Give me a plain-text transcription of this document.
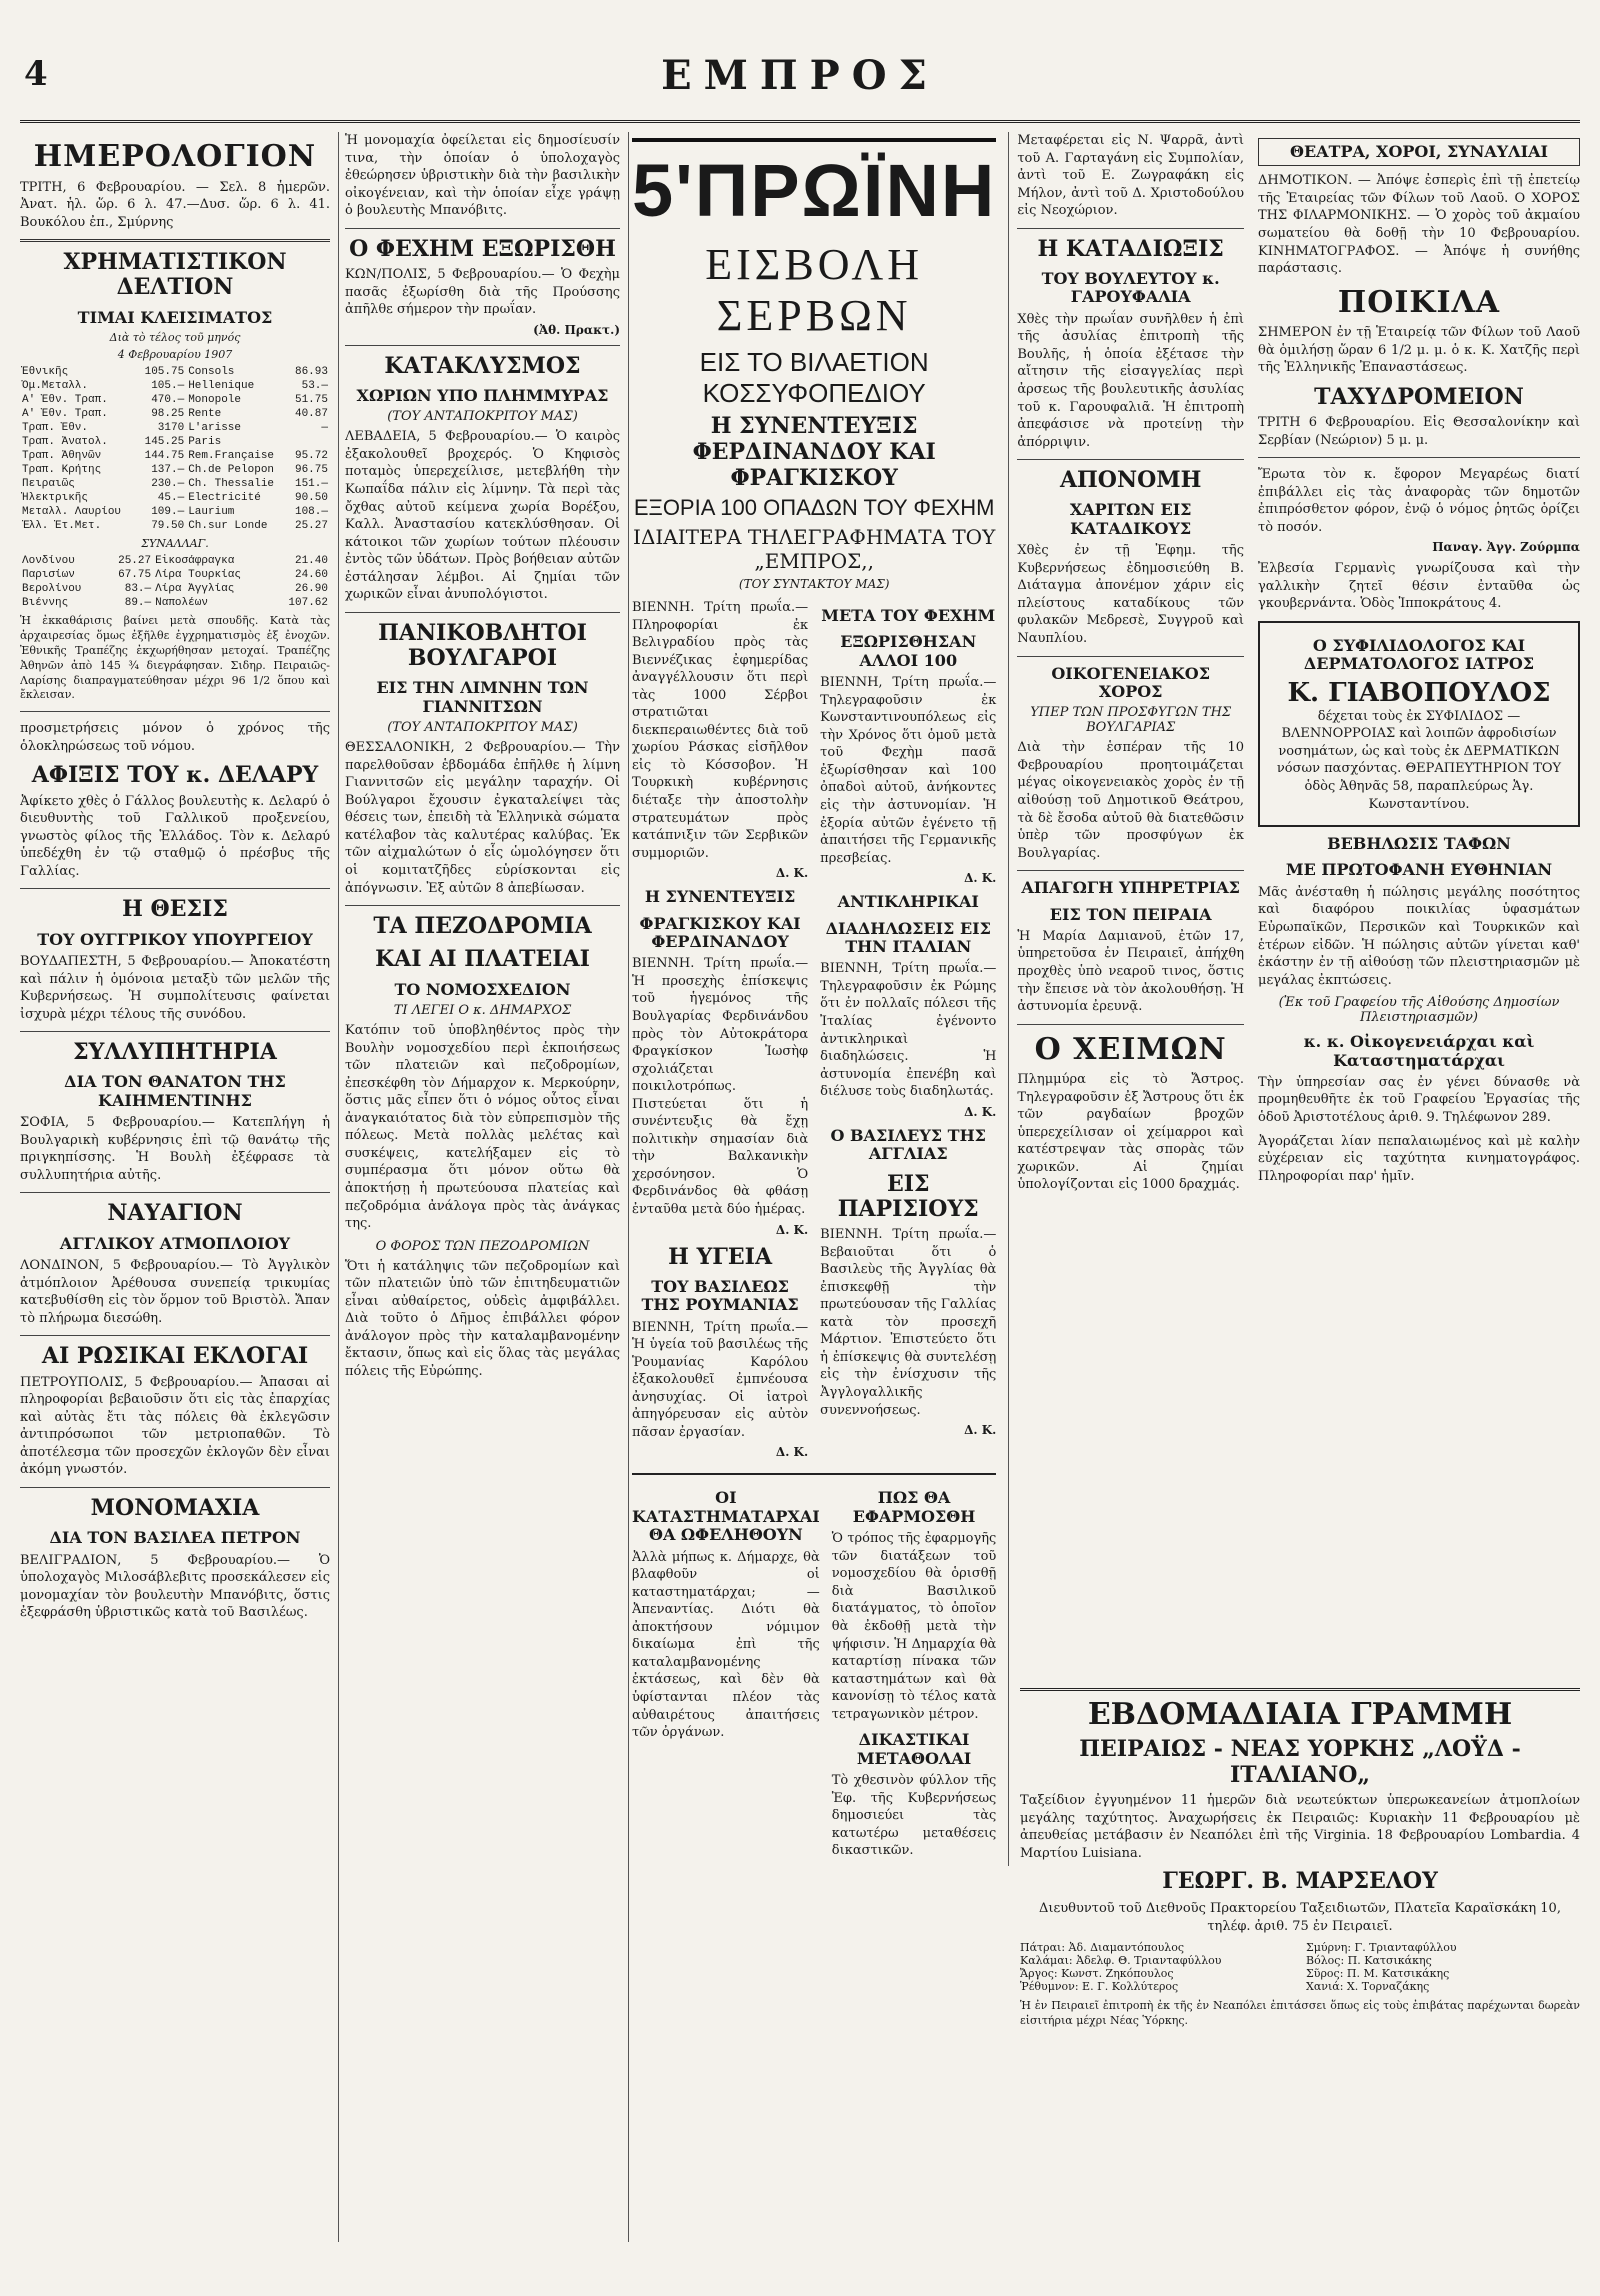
4	ΕΜΠΡΟΣ
ΗΜΕΡΟΛΟΓΙΟΝ

ΤΡΙΤΗ, 6 Φεβρουαρίου. — Σελ. 8 ἡμερῶν. Ἀνατ. ἡλ. ὥρ. 6 λ. 47.—Δυσ. ὥρ. 6 λ. 41. Βουκόλου ἐπ., Σμύρνης

ΧΡΗΜΑΤΙΣΤΙΚΟΝ ΔΕΛΤΙΟΝ
ΤΙΜΑΙ ΚΛΕΙΣΙΜΑΤΟΣ
Διὰ τὸ τέλος τοῦ μηνός
4 Φεβρουαρίου 1907
Ἐθνικῆς	105.75	Consols	86.93
Ὁμ.Μεταλλ.	105.—	Hellenique	53.—
Α' Ἐθν. Τραπ.	470.—	Monopole	51.75
Α' Ἐθν. Τραπ.	98.25	Rente	40.87
Τραπ. Ἐθν.	3170	L'arisse	—
Τραπ. Ἀνατολ.	145.25	Paris	
Τραπ. Ἀθηνῶν	144.75	Rem.Française	95.72
Τραπ. Κρήτης	137.—	Ch.de Pelopon	96.75
Πειραιῶς	230.—	Ch. Thessalie	151.—
Ἠλεκτρικῆς	45.—	Electricité	90.50
Μεταλλ. Λαυρίου	109.—	Laurium	108.—
Ἑλλ. Ἐτ.Μετ.	79.50	Ch.sur Londe	25.27
ΣΥΝΑΛΛΑΓ.
Λονδίνου	25.27	Εἰκοσάφραγκα	21.40
Παρισίων	67.75	Λίρα Τουρκίας	24.60
Βερολίνου	83.—	Λίρα Ἀγγλίας	26.90
Βιέννης	89.—	Ναπολέων	107.62

Ἡ ἐκκαθάρισις βαίνει μετὰ σπουδῆς. Κατὰ τὰς ἀρχαιρεσίας ὅμως ἐξῆλθε ἐγχρηματισμὸς ἐξ ἐνοχῶν. Ἐθνικῆς Τραπέζης ἐκχωρήθησαν μετοχαί. Τραπέζης Ἀθηνῶν ἀπὸ 145 ¾ διεγράφησαν. Σιδηρ. Πειραιῶς-Λαρίσης διαπραγματεύθησαν μέχρι 96 1/2 ὅπου καὶ ἔκλεισαν.

προσμετρήσεις μόνον ὁ χρόνος τῆς ὁλοκληρώσεως τοῦ νόμου.

ΑΦΙΞΙΣ ΤΟΥ κ. ΔΕΛΑΡΥ

Ἀφίκετο χθὲς ὁ Γάλλος βουλευτὴς κ. Δελαρύ ὁ διευθυντὴς τοῦ Γαλλικοῦ προξενείου, γνωστὸς φίλος τῆς Ἑλλάδος. Τὸν κ. Δελαρύ ὑπεδέχθη ἐν τῷ σταθμῷ ὁ πρέσβυς τῆς Γαλλίας.

Η ΘΕΣΙΣ
ΤΟΥ ΟΥΓΓΡΙΚΟΥ ΥΠΟΥΡΓΕΙΟΥ

ΒΟΥΔΑΠΕΣΤΗ, 5 Φεβρουαρίου.— Ἀποκατέστη καὶ πάλιν ἡ ὁμόνοια μεταξὺ τῶν μελῶν τῆς Κυβερνήσεως. Ἡ συμπολίτευσις φαίνεται ἰσχυρὰ μέχρι τέλους τῆς συνόδου.

ΣΥΛΛΥΠΗΤΗΡΙΑ
ΔΙΑ ΤΟΝ ΘΑΝΑΤΟΝ ΤΗΣ ΚΑΙΗΜΕΝΤΙΝΗΣ

ΣΟΦΙΑ, 5 Φεβρουαρίου.— Κατεπλήγη ἡ Βουλγαρικὴ κυβέρνησις ἐπὶ τῷ θανάτῳ τῆς πριγκηπίσσης. Ἡ Βουλὴ ἐξέφρασε τὰ συλλυπητήρια αὐτῆς.

ΝΑΥΑΓΙΟΝ
ΑΓΓΛΙΚΟΥ ΑΤΜΟΠΛΟΙΟΥ

ΛΟΝΔΙΝΟΝ, 5 Φεβρουαρίου.— Τὸ Ἀγγλικὸν ἀτμόπλοιον Ἀρέθουσα συνεπείᾳ τρικυμίας κατεβυθίσθη εἰς τὸν ὅρμον τοῦ Βριστὸλ. Ἄπαν τὸ πλήρωμα διεσώθη.

ΑΙ ΡΩΣΙΚΑΙ ΕΚΛΟΓΑΙ

ΠΕΤΡΟΥΠΟΛΙΣ, 5 Φεβρουαρίου.— Ἀπασαι αἱ πληροφορίαι βεβαιοῦσιν ὅτι εἰς τὰς ἐπαρχίας καὶ αὐτὰς ἔτι τὰς πόλεις θὰ ἐκλεγῶσιν ἀντιπρόσωποι τῶν μετριοπαθῶν. Τὸ ἀποτέλεσμα τῶν προσεχῶν ἐκλογῶν δὲν εἶναι ἀκόμη γνωστόν.

ΜΟΝΟΜΑΧΙΑ
ΔΙΑ ΤΟΝ ΒΑΣΙΛΕΑ ΠΕΤΡΟΝ

ΒΕΛΙΓΡΑΔΙΟΝ, 5 Φεβρουαρίου.— Ὁ ὑπολοχαγὸς Μιλοσάβλεβιτς προσεκάλεσεν εἰς μονομαχίαν τὸν βουλευτὴν Μπανόβιτς, ὅστις ἐξεφράσθη ὑβριστικῶς κατὰ τοῦ Βασιλέως.

Ἡ μονομαχία ὀφείλεται εἰς δημοσίευσίν τινα, τὴν ὁποίαν ὁ ὑπολοχαγὸς ἐθεώρησεν ὑβριστικὴν διὰ τὴν βασιλικὴν οἰκογένειαν, καὶ τὴν ὁποίαν εἶχε γράψῃ ὁ βουλευτὴς Μπανόβιτς.

Ο ΦΕΧΗΜ ΕΞΩΡΙΣΘΗ

ΚΩΝ/ΠΟΛΙΣ, 5 Φεβρουαρίου.— Ὁ Φεχὴμ πασᾶς ἐξωρίσθη διὰ τῆς Προύσσης ἀπῆλθε σήμερον τὴν πρωΐαν.

(Ἀθ. Πρακτ.)
ΚΑΤΑΚΛΥΣΜΟΣ
ΧΩΡΙΩΝ ΥΠΟ ΠΛΗΜΜΥΡΑΣ
(ΤΟΥ ΑΝΤΑΠΟΚΡΙΤΟΥ ΜΑΣ)

ΛΕΒΑΔΕΙΑ, 5 Φεβρουαρίου.— Ὁ καιρὸς ἐξακολουθεῖ βροχερός. Ὁ Κηφισὸς ποταμὸς ὑπερεχείλισε, μετεβλήθη τὴν Κωπαΐδα πάλιν εἰς λίμνην. Τὰ περὶ τὰς ὄχθας αὐτοῦ κείμενα χωρία Βορέξου, Καλλ. Ἀναστασίου κατεκλύσθησαν. Οἱ κάτοικοι τῶν χωρίων τούτων πλέουσιν ἐντὸς τῶν ὑδάτων. Πρὸς βοήθειαν αὐτῶν ἐστάλησαν λέμβοι. Αἱ ζημίαι τῶν χωρικῶν εἶναι ἀνυπολόγιστοι.

ΠΑΝΙΚΟΒΛΗΤΟΙ ΒΟΥΛΓΑΡΟΙ
ΕΙΣ ΤΗΝ ΛΙΜΝΗΝ ΤΩΝ ΓΙΑΝΝΙΤΣΩΝ
(ΤΟΥ ΑΝΤΑΠΟΚΡΙΤΟΥ ΜΑΣ)

ΘΕΣΣΑΛΟΝΙΚΗ, 2 Φεβρουαρίου.— Τὴν παρελθοῦσαν ἑβδομάδα ἐπῆλθε ἡ λίμνη Γιαννιτσῶν εἰς μεγάλην ταραχήν. Οἱ Βούλγαροι ἔχουσιν ἐγκαταλείψει τὰς θέσεις των, ἐπειδὴ τὰ Ἑλληνικὰ σώματα κατέλαβον τὰς καλυτέρας καλύβας. Ἐκ τῶν αἰχμαλώτων ὁ εἷς ὡμολόγησεν ὅτι οἱ κομιτατζῆδες εὑρίσκονται εἰς ἀπόγνωσιν. Ἐξ αὐτῶν 8 ἀπεβίωσαν.

ΤΑ ΠΕΖΟΔΡΟΜΙΑ
ΚΑΙ ΑΙ ΠΛΑΤΕΙΑΙ
ΤΟ ΝΟΜΟΣΧΕΔΙΟΝ
ΤΙ ΛΕΓΕΙ Ο κ. ΔΗΜΑΡΧΟΣ

Κατόπιν τοῦ ὑποβληθέντος πρὸς τὴν Βουλὴν νομοσχεδίου περὶ ἐκποιήσεως τῶν πλατειῶν καὶ πεζοδρομίων, ἐπεσκέφθη τὸν Δήμαρχον κ. Μερκούρην, ὅστις μᾶς εἶπεν ὅτι ὁ νόμος οὗτος εἶναι ἀναγκαιότατος διὰ τὸν εὐπρεπισμὸν τῆς πόλεως. Μετὰ πολλὰς μελέτας καὶ συσκέψεις, κατελήξαμεν εἰς τὸ συμπέρασμα ὅτι μόνον οὕτω θὰ ἀποκτήσῃ ἡ πρωτεύουσα πλατείας καὶ πεζοδρόμια ἀνάλογα πρὸς τὰς ἀνάγκας της.

Ο ΦΟΡΟΣ ΤΩΝ ΠΕΖΟΔΡΟΜΙΩΝ

Ὅτι ἡ κατάληψις τῶν πεζοδρομίων καὶ τῶν πλατειῶν ὑπὸ τῶν ἐπιτηδευματιῶν εἶναι αὐθαίρετος, οὐδεὶς ἀμφιβάλλει. Διὰ τοῦτο ὁ Δῆμος ἐπιβάλλει φόρον ἀνάλογον πρὸς τὴν καταλαμβανομένην ἔκτασιν, ὅπως καὶ εἰς ὅλας τὰς μεγάλας πόλεις τῆς Εὐρώπης.

5'ΠΡΩΪΝΗ
ΕΙΣΒΟΛΗ ΣΕΡΒΩΝ
ΕΙΣ ΤΟ ΒΙΛΑΕΤΙΟΝ ΚΟΣΣΥΦΟΠΕΔΙΟΥ
Η ΣΥΝΕΝΤΕΥΞΙΣ ΦΕΡΔΙΝΑΝΔΟΥ ΚΑΙ ΦΡΑΓΚΙΣΚΟΥ
ΕΞΟΡΙΑ 100 ΟΠΑΔΩΝ ΤΟΥ ΦΕΧΗΜ
ΙΔΙΑΙΤΕΡΑ ΤΗΛΕΓΡΑΦΗΜΑΤΑ ΤΟΥ „ΕΜΠΡΟΣ,,
(ΤΟΥ ΣΥΝΤΑΚΤΟΥ ΜΑΣ)

ΒΙΕΝΝΗ. Τρίτη πρωΐα.— Πληροφορίαι ἐκ Βελιγραδίου πρὸς τὰς Βιεννέζικας ἐφημερίδας ἀναγγέλλουσιν ὅτι περὶ τὰς 1000 Σέρβοι στρατιῶται διεκπεραιωθέντες διὰ τοῦ χωρίου Ράσκας εἰσῆλθον εἰς τὸ Κόσσοβον. Ἡ Τουρκικὴ κυβέρνησις διέταξε τὴν ἀποστολὴν στρατευμάτων πρὸς κατάπνιξιν τῶν Σερβικῶν συμμοριῶν.

Δ. Κ.
Η ΣΥΝΕΝΤΕΥΞΙΣ
ΦΡΑΓΚΙΣΚΟΥ ΚΑΙ ΦΕΡΔΙΝΑΝΔΟΥ

ΒΙΕΝΝΗ. Τρίτη πρωΐα.— Ἡ προσεχὴς ἐπίσκεψις τοῦ ἡγεμόνος τῆς Βουλγαρίας Φερδινάνδου πρὸς τὸν Αὐτοκράτορα Φραγκίσκον Ἰωσὴφ σχολιάζεται ποικιλοτρόπως. Πιστεύεται ὅτι ἡ συνέντευξις θὰ ἔχῃ πολιτικὴν σημασίαν διὰ τὴν Βαλκανικὴν χερσόνησον. Ὁ Φερδινάνδος θὰ φθάσῃ ἐνταῦθα μετὰ δύο ἡμέρας.

Δ. Κ.
Η ΥΓΕΙΑ
ΤΟΥ ΒΑΣΙΛΕΩΣ ΤΗΣ ΡΟΥΜΑΝΙΑΣ

ΒΙΕΝΝΗ, Τρίτη πρωΐα.— Ἡ ὑγεία τοῦ βασιλέως τῆς Ῥουμανίας Καρόλου ἐξακολουθεῖ ἐμπνέουσα ἀνησυχίας. Οἱ ἰατροὶ ἀπηγόρευσαν εἰς αὐτὸν πᾶσαν ἐργασίαν.

Δ. Κ.
ΜΕΤΑ ΤΟΥ ΦΕΧΗΜ
ΕΞΩΡΙΣΘΗΣΑΝ ΑΛΛΟΙ 100

ΒΙΕΝΝΗ, Τρίτη πρωΐα.— Τηλεγραφοῦσιν ἐκ Κωνσταντινουπόλεως εἰς τὴν Χρόνος ὅτι ὁμοῦ μετὰ τοῦ Φεχὴμ πασᾶ ἐξωρίσθησαν καὶ 100 ὀπαδοὶ αὐτοῦ, ἀνήκοντες εἰς τὴν ἀστυνομίαν. Ἡ ἐξορία αὐτῶν ἐγένετο τῇ ἀπαιτήσει τῆς Γερμανικῆς πρεσβείας.

Δ. Κ.
ΑΝΤΙΚΛΗΡΙΚΑΙ
ΔΙΑΔΗΛΩΣΕΙΣ ΕΙΣ ΤΗΝ ΙΤΑΛΙΑΝ

ΒΙΕΝΝΗ, Τρίτη πρωΐα.— Τηλεγραφοῦσιν ἐκ Ρώμης ὅτι ἐν πολλαῖς πόλεσι τῆς Ἰταλίας ἐγένοντο ἀντικληρικαὶ διαδηλώσεις. Ἡ ἀστυνομία ἐπενέβη καὶ διέλυσε τοὺς διαδηλωτάς.

Δ. Κ.
Ο ΒΑΣΙΛΕΥΣ ΤΗΣ ΑΓΓΛΙΑΣ
ΕΙΣ ΠΑΡΙΣΙΟΥΣ

ΒΙΕΝΝΗ. Τρίτη πρωΐα.— Βεβαιοῦται ὅτι ὁ Βασιλεὺς τῆς Ἀγγλίας θὰ ἐπισκεφθῇ τὴν πρωτεύουσαν τῆς Γαλλίας κατὰ τὸν προσεχῆ Μάρτιον. Ἐπιστεύετο ὅτι ἡ ἐπίσκεψις θὰ συντελέσῃ εἰς τὴν ἐνίσχυσιν τῆς Ἀγγλογαλλικῆς συνεννοήσεως.

Δ. Κ.
ΟΙ ΚΑΤΑΣΤΗΜΑΤΑΡΧΑΙ ΘΑ ΩΦΕΛΗΘΟΥΝ

Ἀλλὰ μήπως κ. Δήμαρχε, θὰ βλαφθοῦν οἱ καταστηματάρχαι; — Ἀπεναντίας. Διότι θὰ ἀποκτήσουν νόμιμον δικαίωμα ἐπὶ τῆς καταλαμβανομένης ἐκτάσεως, καὶ δὲν θὰ ὑφίστανται πλέον τὰς αὐθαιρέτους ἀπαιτήσεις τῶν ὀργάνων.

ΠΩΣ ΘΑ ΕΦΑΡΜΟΣΘΗ

Ὁ τρόπος τῆς ἐφαρμογῆς τῶν διατάξεων τοῦ νομοσχεδίου θὰ ὁρισθῇ διὰ Βασιλικοῦ διατάγματος, τὸ ὁποῖον θὰ ἐκδοθῇ μετὰ τὴν ψήφισιν. Ἡ Δημαρχία θὰ καταρτίσῃ πίνακα τῶν καταστημάτων καὶ θὰ κανονίσῃ τὸ τέλος κατὰ τετραγωνικὸν μέτρον.

ΔΙΚΑΣΤΙΚΑΙ ΜΕΤΑΘΟΛΑΙ

Τὸ χθεσινὸν φύλλον τῆς Ἐφ. τῆς Κυβερνήσεως δημοσιεύει τὰς κατωτέρω μεταθέσεις δικαστικῶν.

Μεταφέρεται εἰς Ν. Ψαρρᾶ, ἀντὶ τοῦ Α. Γαρταγάνη εἰς Συμπολίαν, ἀντὶ τοῦ Ε. Ζωγραφάκη εἰς Μήλον, ἀντὶ τοῦ Δ. Χριστοδούλου εἰς Νεοχώριον.

Η ΚΑΤΑΔΙΩΞΙΣ
ΤΟΥ ΒΟΥΛΕΥΤΟΥ κ. ΓΑΡΟΥΦΑΛΙΑ

Χθὲς τὴν πρωΐαν συνῆλθεν ἡ ἐπὶ τῆς ἀσυλίας ἐπιτροπὴ τῆς Βουλῆς, ἡ ὁποία ἐξέτασε τὴν αἴτησιν τῆς εἰσαγγελίας περὶ ἀρσεως τῆς βουλευτικῆς ἀσυλίας τοῦ κ. Γαρουφαλιᾶ. Ἡ ἐπιτροπὴ ἀπεφάσισε νὰ προτείνῃ τὴν ἀπόρριψιν.

ΑΠΟΝΟΜΗ
ΧΑΡΙΤΩΝ ΕΙΣ ΚΑΤΑΔΙΚΟΥΣ

Χθὲς ἐν τῇ Ἐφημ. τῆς Κυβερνήσεως ἐδημοσιεύθη Β. Διάταγμα ἀπονέμον χάριν εἰς πλείστους καταδίκους τῶν φυλακῶν Μεδρεσὲ, Συγγροῦ καὶ Ναυπλίου.

ΟΙΚΟΓΕΝΕΙΑΚΟΣ ΧΟΡΟΣ
ΥΠΕΡ ΤΩΝ ΠΡΟΣΦΥΓΩΝ ΤΗΣ ΒΟΥΛΓΑΡΙΑΣ

Διὰ τὴν ἑσπέραν τῆς 10 Φεβρουαρίου προητοιμάζεται μέγας οἰκογενειακὸς χορὸς ἐν τῇ αἰθούσῃ τοῦ Δημοτικοῦ Θεάτρου, τὰ δὲ ἔσοδα αὐτοῦ θὰ διατεθῶσιν ὑπὲρ τῶν προσφύγων ἐκ Βουλγαρίας.

ΑΠΑΓΩΓΗ ΥΠΗΡΕΤΡΙΑΣ
ΕΙΣ ΤΟΝ ΠΕΙΡΑΙΑ

Ἡ Μαρία Δαμιανοῦ, ἐτῶν 17, ὑπηρετοῦσα ἐν Πειραιεῖ, ἀπήχθη προχθὲς ὑπὸ νεαροῦ τινος, ὅστις τὴν ἔπεισε νὰ τὸν ἀκολουθήσῃ. Ἡ ἀστυνομία ἐρευνᾷ.

Ο ΧΕΙΜΩΝ

Πλημμύρα εἰς τὸ Ἄστρος. Τηλεγραφοῦσιν ἐξ Ἄστρους ὅτι ἐκ τῶν ραγδαίων βροχῶν ὑπερεχείλισαν οἱ χείμαρροι καὶ κατέστρεψαν τὰς σπορὰς τῶν χωρικῶν. Αἱ ζημίαι ὑπολογίζονται εἰς 1000 δραχμάς.

ΘΕΑΤΡΑ, ΧΟΡΟΙ, ΣΥΝΑΥΛΙΑΙ

ΔΗΜΟΤΙΚΟΝ. — Ἀπόψε ἐσπερὶς ἐπὶ τῇ ἐπετείῳ τῆς Ἑταιρείας τῶν Φίλων τοῦ Λαοῦ. Ο ΧΟΡΟΣ ΤΗΣ ΦΙΛΑΡΜΟΝΙΚΗΣ. — Ὁ χορὸς τοῦ ἀκμαίου σωματείου θὰ δοθῇ τὴν 10 Φεβρουαρίου. ΚΙΝΗΜΑΤΟΓΡΑΦΟΣ. — Ἀπόψε ἡ συνήθης παράστασις.

ΠΟΙΚΙΛΑ

ΣΗΜΕΡΟΝ ἐν τῇ Ἑταιρείᾳ τῶν Φίλων τοῦ Λαοῦ θὰ ὁμιλήσῃ ὥραν 6 1/2 μ. μ. ὁ κ. Κ. Χατζῆς περὶ τῆς Ἑλληνικῆς Ἐπαναστάσεως.

ΤΑΧΥΔΡΟΜΕΙΟΝ

ΤΡΙΤΗ 6 Φεβρουαρίου. Εἰς Θεσσαλονίκην καὶ Σερβίαν (Νεώριον) 5 μ. μ.

Ἔρωτα τὸν κ. ἔφορον Μεγαρέως διατί ἐπιβάλλει εἰς τὰς ἀναφορὰς τῶν δημοτῶν ἐπιπρόσθετον φόρον, ἐνῷ ὁ νόμος ῥητῶς ὁρίζει τὸ ποσόν.

Παναγ. Ἀγγ. Ζούρμπα

Ἐλβεσία Γερμανὶς γνωρίζουσα καὶ τὴν γαλλικὴν ζητεῖ θέσιν ἐνταῦθα ὡς γκουβερνάντα. Ὁδὸς Ἱπποκράτους 4.

Ο ΣΥΦΙΛΙΔΟΛΟΓΟΣ ΚΑΙ ΔΕΡΜΑΤΟΛΟΓΟΣ ΙΑΤΡΟΣ
Κ. ΓΙΑΒΟΠΟΥΛΟΣ

δέχεται τοὺς ἐκ ΣΥΦΙΛΙΔΟΣ — ΒΛΕΝΝΟΡΡΟΙΑΣ καὶ λοιπῶν ἀφροδισίων νοσημάτων, ὡς καὶ τοὺς ἐκ ΔΕΡΜΑΤΙΚΩΝ νόσων πασχόντας. ΘΕΡΑΠΕΥΤΗΡΙΟΝ ΤΟΥ ὁδὸς Ἀθηνᾶς 58, παραπλεύρως Ἁγ. Κωνσταντίνου.

ΒΕΒΗΛΩΣΙΣ ΤΑΦΩΝ
ΜΕ ΠΡΩΤΟΦΑΝΗ ΕΥΘΗΝΙΑΝ

Μᾶς ἀνέσταθη ἡ πώλησις μεγάλης ποσότητος καὶ διαφόρου ποικιλίας ὑφασμάτων Εὐρωπαϊκῶν, Περσικῶν καὶ Τουρκικῶν καὶ ἑτέρων εἰδῶν. Ἡ πώλησις αὐτῶν γίνεται καθ' ἑκάστην ἐν τῇ αἰθούσῃ τῶν πλειστηριασμῶν μὲ μεγάλας ἐκπτώσεις.

(Ἐκ τοῦ Γραφείου τῆς Αἰθούσης Δημοσίων Πλειστηριασμῶν)
κ. κ. Οἰκογενειάρχαι καὶ Καταστηματάρχαι

Τὴν ὑπηρεσίαν σας ἐν γένει δύνασθε νὰ προμηθευθῆτε ἐκ τοῦ Γραφείου Ἐργασίας τῆς ὁδοῦ Ἀριστοτέλους ἀριθ. 9. Τηλέφωνον 289.

Ἀγοράζεται λίαν πεπαλαιωμένος καὶ μὲ καλὴν εὐχέρειαν εἰς ταχύτητα κινηματογράφος. Πληροφορίαι παρ' ἡμῖν.

ΕΒΔΟΜΑΔΙΑΙΑ ΓΡΑΜΜΗ
ΠΕΙΡΑΙΩΣ - ΝΕΑΣ ΥΟΡΚΗΣ „ΛΟΫΔ - ΙΤΑΛΙΑΝΟ„

Ταξείδιον ἐγγυημένον 11 ἡμερῶν διὰ νεωτεύκτων ὑπερωκεανείων ἀτμοπλοίων μεγάλης ταχύτητος. Ἀναχωρήσεις ἐκ Πειραιῶς: Κυριακὴν 11 Φεβρουαρίου μὲ ἀπευθείας μετάβασιν ἐν Νεαπόλει ἐπὶ τῆς Virginia. 18 Φεβρουαρίου Lombardia. 4 Μαρτίου Luisiana.

ΓΕΩΡΓ. Β. ΜΑΡΣΕΛΟΥ

Διευθυντοῦ τοῦ Διεθνοῦς Πρακτορείου Ταξειδιωτῶν, Πλατεῖα Καραϊσκάκη 10, τηλέφ. ἀριθ. 75 ἐν Πειραιεῖ.

Πάτραι: Ἀδ. Διαμαντόπουλος	Σμύρνη: Γ. Τριανταφύλλου
Καλάμαι: Ἀδελφ. Θ. Τριανταφύλλου	Βόλος: Π. Κατσικάκης
Ἄργος: Κωνστ. Ζηκόπουλος	Σῦρος: Π. Μ. Κατσικάκης
Ῥέθυμνον: Ε. Γ. Κολλύτερος	Χανιά: Χ. Τορναζάκης

Ἡ ἐν Πειραιεῖ ἐπιτροπὴ ἐκ τῆς ἐν Νεαπόλει ἐπιτάσσει ὅπως εἰς τοὺς ἐπιβάτας παρέχωνται δωρεὰν εἰσιτήρια μέχρι Νέας Ὑόρκης.
